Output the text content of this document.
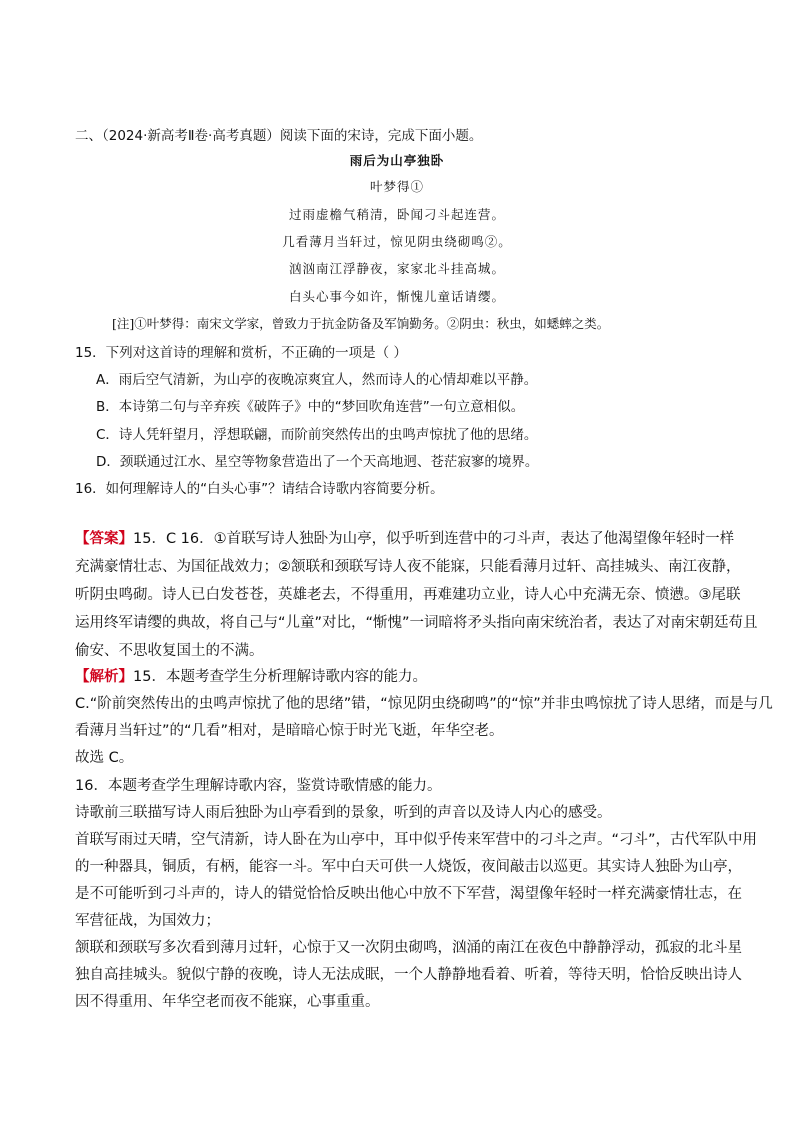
二、（2024·新高考Ⅱ卷·高考真题）阅读下面的宋诗，完成下面小题。
雨后为山亭独卧
叶梦得①
过雨虚檐气稍清，卧闻刁斗起连营。
几看薄月当轩过，惊见阴虫绕砌鸣②。
汹汹南江浮静夜，家家北斗挂高城。
白头心事今如许，惭愧儿童话请缨。
[注]①叶梦得：南宋文学家，曾致力于抗金防备及军饷勤务。②阴虫：秋虫，如蟋蟀之类。
15．下列对这首诗的理解和赏析，不正确的一项是（ ）
A．雨后空气清新，为山亭的夜晚凉爽宜人，然而诗人的心情却难以平静。
B．本诗第二句与辛弃疾《破阵子》中的“梦回吹角连营”一句立意相似。
C．诗人凭轩望月，浮想联翩，而阶前突然传出的虫鸣声惊扰了他的思绪。
D．颈联通过江水、星空等物象营造出了一个天高地迥、苍茫寂寥的境界。
16．如何理解诗人的“白头心事”？请结合诗歌内容简要分析。
【答案】15．C 16．①首联写诗人独卧为山亭，似乎听到连营中的刁斗声，表达了他渴望像年轻时一样
充满豪情壮志、为国征战效力；②颔联和颈联写诗人夜不能寐，只能看薄月过轩、高挂城头、南江夜静，
听阴虫鸣砌。诗人已白发苍苍，英雄老去，不得重用，再难建功立业，诗人心中充满无奈、愤懑。③尾联
运用终军请缨的典故，将自己与“儿童”对比，“惭愧”一词暗将矛头指向南宋统治者，表达了对南宋朝廷苟且
偷安、不思收复国土的不满。
【解析】15．本题考查学生分析理解诗歌内容的能力。
C.“阶前突然传出的虫鸣声惊扰了他的思绪”错，“惊见阴虫绕砌鸣”的“惊”并非虫鸣惊扰了诗人思绪，而是与几
看薄月当轩过”的“几看”相对，是暗暗心惊于时光飞逝，年华空老。
故选 C。
16．本题考查学生理解诗歌内容，鉴赏诗歌情感的能力。
诗歌前三联描写诗人雨后独卧为山亭看到的景象，听到的声音以及诗人内心的感受。
首联写雨过天晴，空气清新，诗人卧在为山亭中，耳中似乎传来军营中的刁斗之声。“刁斗”，古代军队中用
的一种器具，铜质，有柄，能容一斗。军中白天可供一人烧饭，夜间敲击以巡更。其实诗人独卧为山亭，
是不可能听到刁斗声的，诗人的错觉恰恰反映出他心中放不下军营，渴望像年轻时一样充满豪情壮志，在
军营征战，为国效力；
颔联和颈联写多次看到薄月过轩，心惊于又一次阴虫砌鸣，汹涌的南江在夜色中静静浮动，孤寂的北斗星
独自高挂城头。貌似宁静的夜晚，诗人无法成眠，一个人静静地看着、听着，等待天明，恰恰反映出诗人
因不得重用、年华空老而夜不能寐，心事重重。
